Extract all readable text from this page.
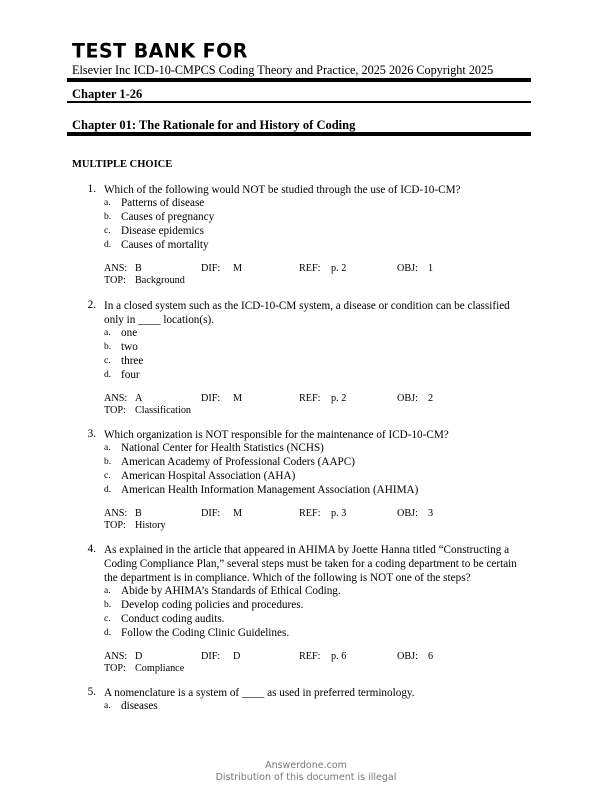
TEST BANK FOR
Elsevier Inc ICD-10-CMPCS Coding Theory and Practice, 2025 2026 Copyright 2025
Chapter 1-26
Chapter 01: The Rationale for and History of Coding
MULTIPLE CHOICE
1. Which of the following would NOT be studied through the use of ICD-10-CM?
a. Patterns of disease
b. Causes of pregnancy
c. Disease epidemics
d. Causes of mortality
ANS: B	DIF: M	REF: p. 2	OBJ: 1
TOP: Background
2. In a closed system such as the ICD-10-CM system, a disease or condition can be classified
only in ____ location(s).
a. one
b. two
c. three
d. four
ANS: A	DIF: M	REF: p. 2	OBJ: 2
TOP: Classification
3. Which organization is NOT responsible for the maintenance of ICD-10-CM?
a. National Center for Health Statistics (NCHS)
b. American Academy of Professional Coders (AAPC)
c. American Hospital Association (AHA)
d. American Health Information Management Association (AHIMA)
ANS: B	DIF: M	REF: p. 3	OBJ: 3
TOP: History
4. As explained in the article that appeared in AHIMA by Joette Hanna titled “Constructing a
Coding Compliance Plan,” several steps must be taken for a coding department to be certain
the department is in compliance. Which of the following is NOT one of the steps?
a. Abide by AHIMA’s Standards of Ethical Coding.
b. Develop coding policies and procedures.
c. Conduct coding audits.
d. Follow the Coding Clinic Guidelines.
ANS: D	DIF: D	REF: p. 6	OBJ: 6
TOP: Compliance
5. A nomenclature is a system of ____ as used in preferred terminology.
a. diseases
Answerdone.com
Distribution of this document is illegal
